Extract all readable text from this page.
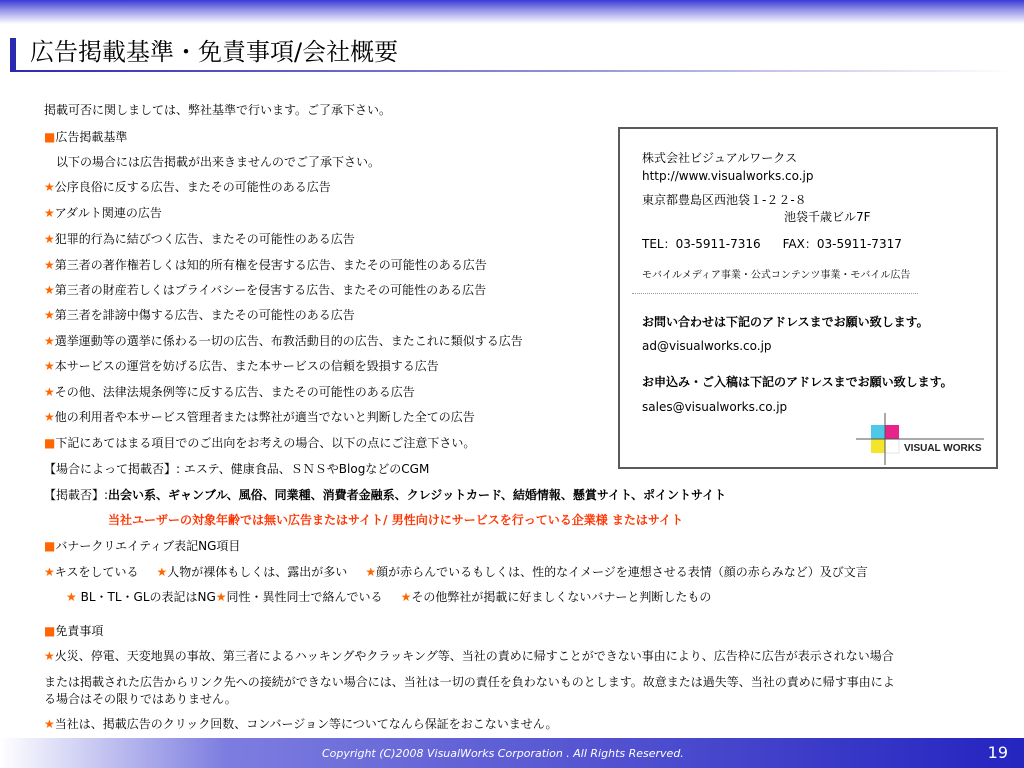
広告掲載基準・免責事項/会社概要
掲載可否に関しましては、弊社基準で行います。ご了承下さい。
■広告掲載基準
以下の場合には広告掲載が出来きませんのでご了承下さい。
★公序良俗に反する広告、またその可能性のある広告
★アダルト関連の広告
★犯罪的行為に結びつく広告、またその可能性のある広告
★第三者の著作権若しくは知的所有権を侵害する広告、またその可能性のある広告
★第三者の財産若しくはプライバシーを侵害する広告、またその可能性のある広告
★第三者を誹謗中傷する広告、またその可能性のある広告
★選挙運動等の選挙に係わる一切の広告、布教活動目的の広告、またこれに類似する広告
★本サービスの運営を妨げる広告、また本サービスの信頼を毀損する広告
★その他、法律法規条例等に反する広告、またその可能性のある広告
★他の利用者や本サービス管理者または弊社が適当でないと判断した全ての広告
■下記にあてはまる項目でのご出向をお考えの場合、以下の点にご注意下さい。
【場合によって掲載否】: エステ、健康食品、ＳＮＳやBlogなどのCGM
【掲載否】:出会い系、ギャンブル、風俗、同業種、消費者金融系、クレジットカード、結婚情報、懸賞サイト、ポイントサイト
当社ユーザーの対象年齢では無い広告またはサイト/ 男性向けにサービスを行っている企業様 またはサイト
■バナークリエイティブ表記NG項目
★キスをしている ★人物が裸体もしくは、露出が多い ★顔が赤らんでいるもしくは、性的なイメージを連想させる表情（顔の赤らみなど）及び文言
★ BL・TL・GLの表記はNG★同性・異性同士で絡んでいる ★その他弊社が掲載に好ましくないバナーと判断したもの
■免責事項
★火災、停電、天変地異の事故、第三者によるハッキングやクラッキング等、当社の責めに帰すことができない事由により、広告枠に広告が表示されない場合
または掲載された広告からリンク先への接続ができない場合には、当社は一切の責任を負わないものとします。故意または過失等、当社の責めに帰す事由によ
る場合はその限りではありません。
★当社は、掲載広告のクリック回数、コンバージョン等についてなんら保証をおこないません。
株式会社ビジュアルワークス
http://www.visualworks.co.jp
東京都豊島区西池袋１-２２-８
池袋千歳ビル7F
TEL：03-5911-7316 FAX：03-5911-7317
モバイルメディア事業・公式コンテンツ事業・モバイル広告
お問い合わせは下記のアドレスまでお願い致します。
ad@visualworks.co.jp
お申込み・ご入稿は下記のアドレスまでお願い致します。
sales@visualworks.co.jp
VISUAL WORKS
Copyright (C)2008 VisualWorks Corporation . All Rights Reserved.	19
